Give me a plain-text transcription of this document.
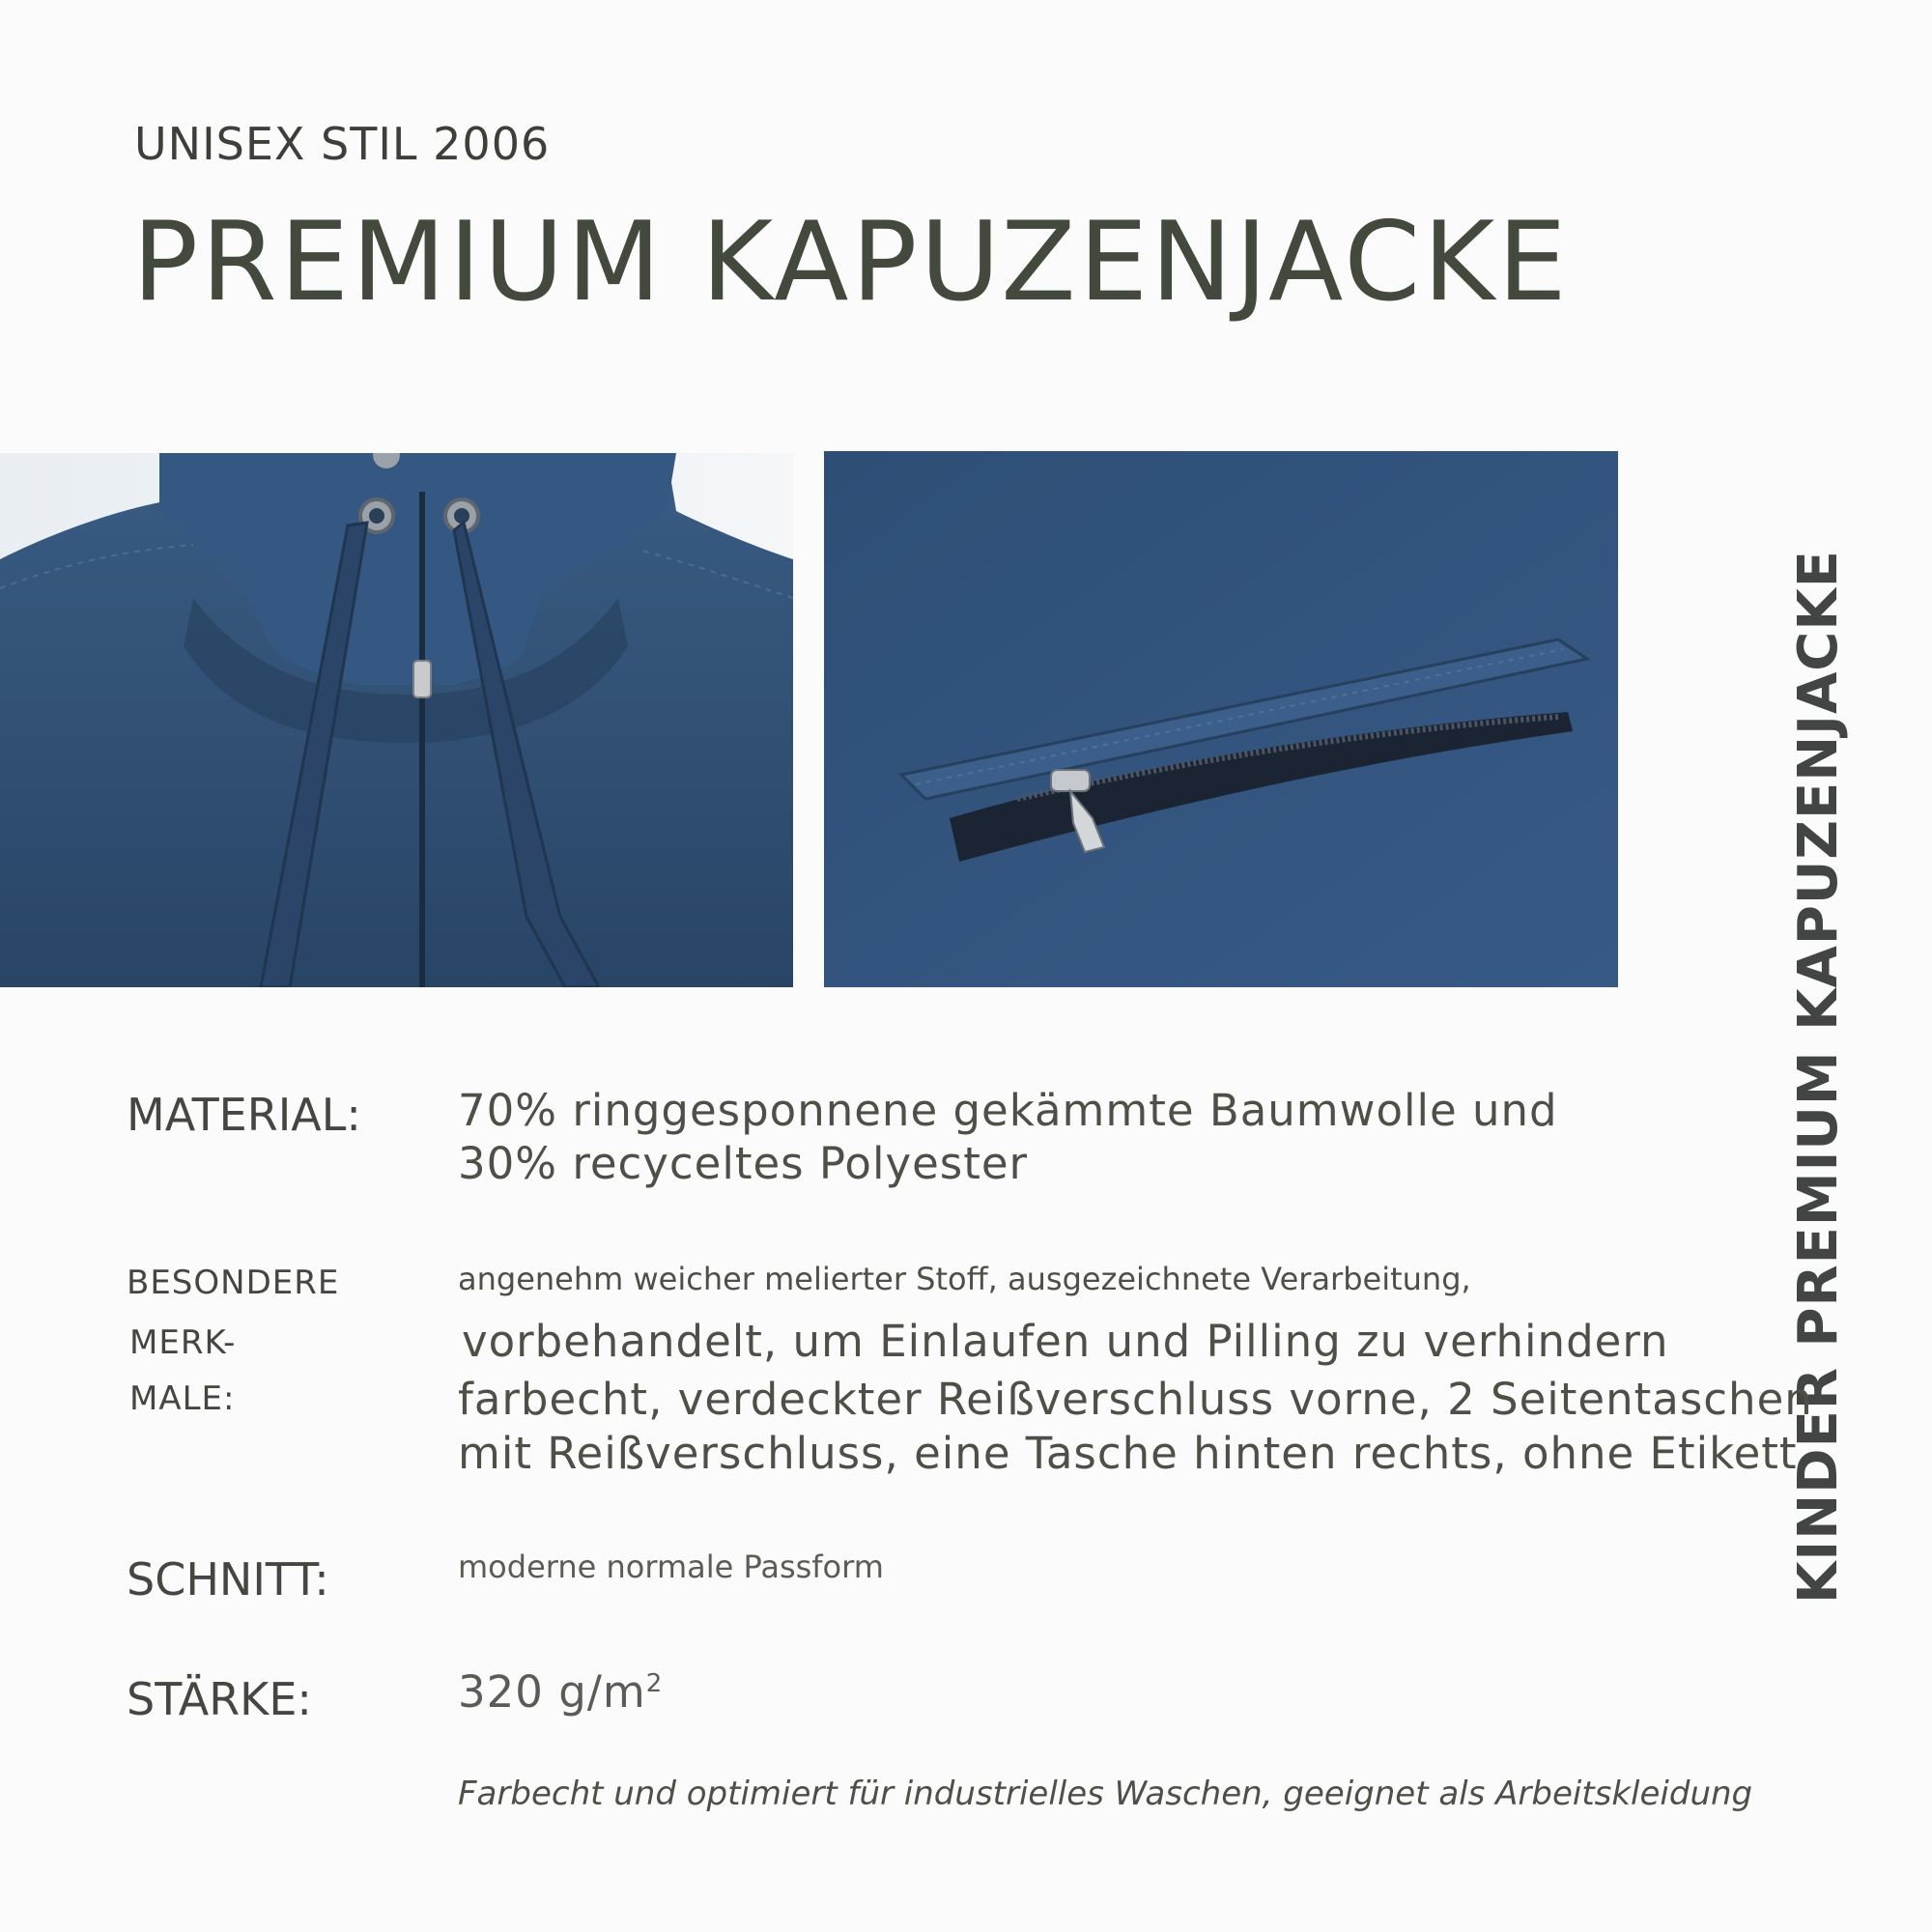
UNISEX STIL 2006
PREMIUM KAPUZENJACKE
KINDER PREMIUM KAPUZENJACKE
MATERIAL: 70% ringgesponnene gekämmte Baumwolle und
30% recyceltes Polyester
BESONDERE
MERK-
MALE:
angenehm weicher melierter Stoff, ausgezeichnete Verarbeitung,
vorbehandelt, um Einlaufen und Pilling zu verhindern
farbecht, verdeckter Reißverschluss vorne, 2 Seitentaschen
mit Reißverschluss, eine Tasche hinten rechts, ohne Etikett
SCHNITT:	moderne normale Passform
STÄRKE:	320 $g/m^2$
Farbecht und optimiert für industrielles Waschen, geeignet als Arbeitskleidung
